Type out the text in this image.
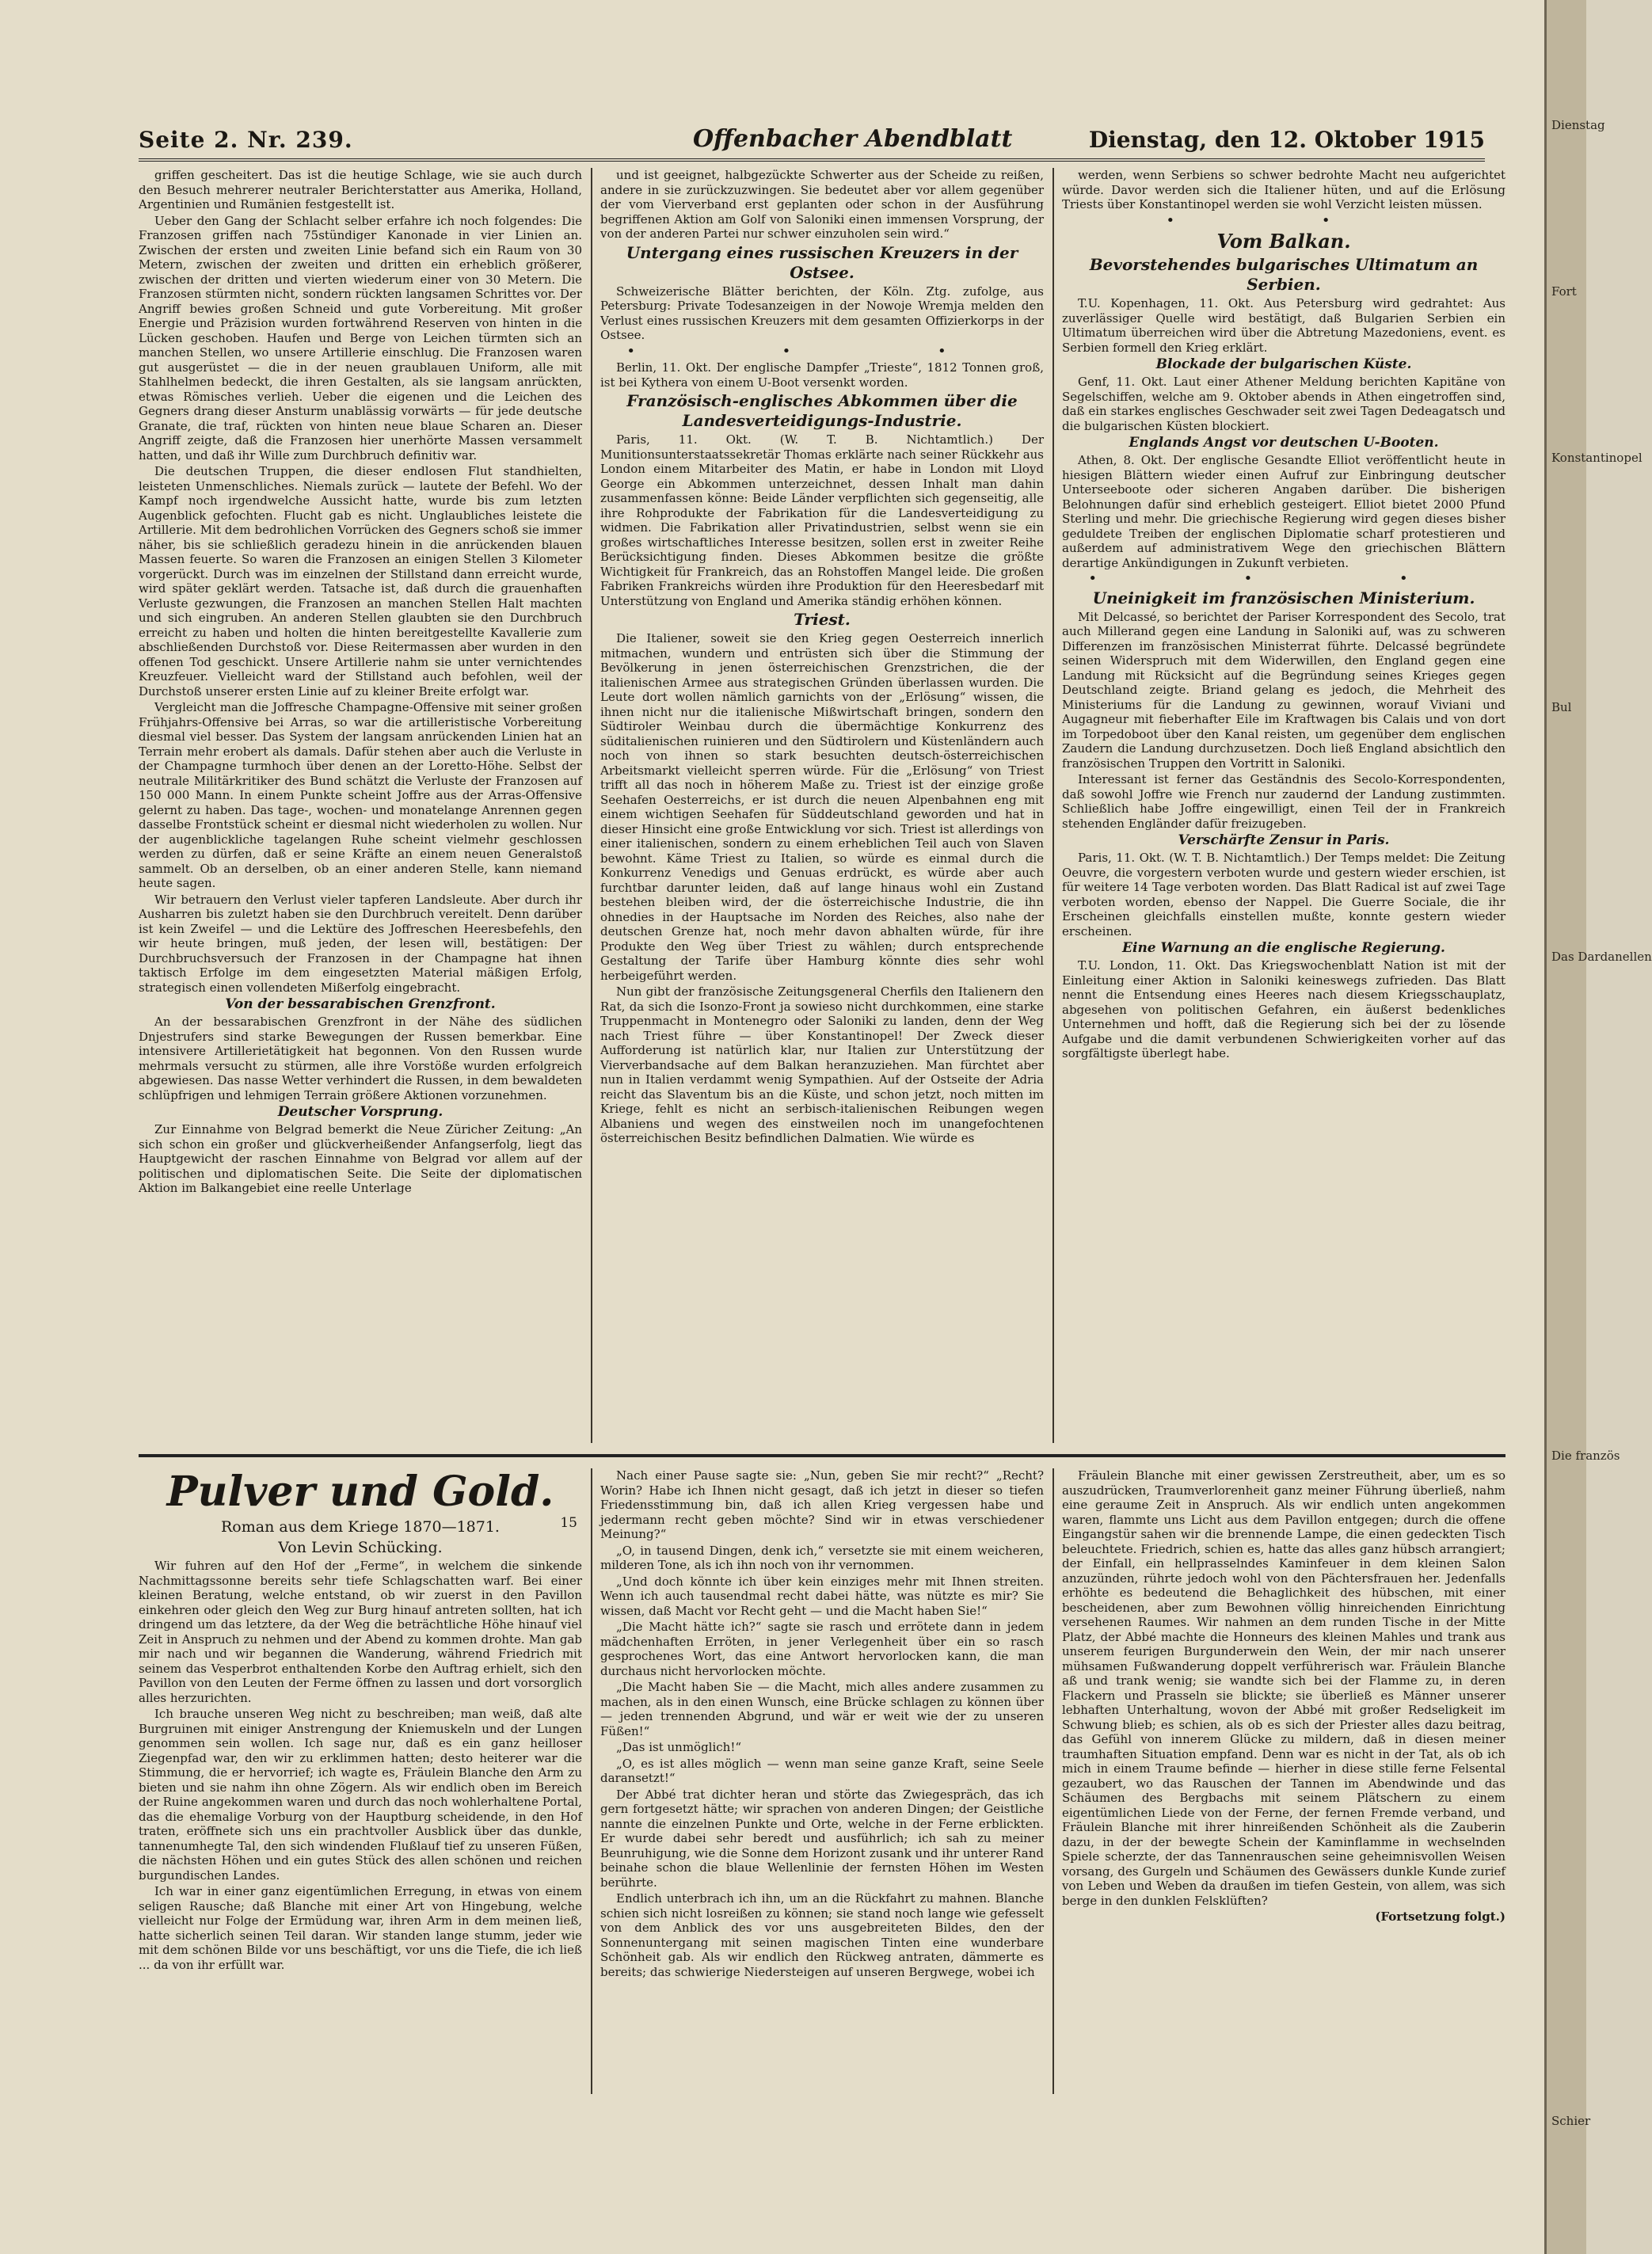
Seite 2. Nr. 239.	Offenbacher Abendblatt	Dienstag, den 12. Oktober 1915

griffen gescheitert. Das ist die heutige Schlage, wie sie auch durch den Besuch mehrerer neutraler Berichterstatter aus Amerika, Holland, Argentinien und Rumänien festgestellt ist.

Ueber den Gang der Schlacht selber erfahre ich noch folgendes: Die Franzosen griffen nach 75stündiger Kanonade in vier Linien an. Zwischen der ersten und zweiten Linie befand sich ein Raum von 30 Metern, zwischen der zweiten und dritten ein erheblich größerer, zwischen der dritten und vierten wiederum einer von 30 Metern. Die Franzosen stürmten nicht, sondern rückten langsamen Schrittes vor. Der Angriff bewies großen Schneid und gute Vorbereitung. Mit großer Energie und Präzision wurden fortwährend Reserven von hinten in die Lücken geschoben. Haufen und Berge von Leichen türmten sich an manchen Stellen, wo unsere Artillerie einschlug. Die Franzosen waren gut ausgerüstet — die in der neuen graublauen Uniform, alle mit Stahlhelmen bedeckt, die ihren Gestalten, als sie langsam anrückten, etwas Römisches verlieh. Ueber die eigenen und die Leichen des Gegners drang dieser Ansturm unablässig vorwärts — für jede deutsche Granate, die traf, rückten von hinten neue blaue Scharen an. Dieser Angriff zeigte, daß die Franzosen hier unerhörte Massen versammelt hatten, und daß ihr Wille zum Durchbruch definitiv war.

Die deutschen Truppen, die dieser endlosen Flut standhielten, leisteten Unmenschliches. Niemals zurück — lautete der Befehl. Wo der Kampf noch irgendwelche Aussicht hatte, wurde bis zum letzten Augenblick gefochten. Flucht gab es nicht. Unglaubliches leistete die Artillerie. Mit dem bedrohlichen Vorrücken des Gegners schoß sie immer näher, bis sie schließlich geradezu hinein in die anrückenden blauen Massen feuerte. So waren die Franzosen an einigen Stellen 3 Kilometer vorgerückt. Durch was im einzelnen der Stillstand dann erreicht wurde, wird später geklärt werden. Tatsache ist, daß durch die grauenhaften Verluste gezwungen, die Franzosen an manchen Stellen Halt machten und sich eingruben. An anderen Stellen glaubten sie den Durchbruch erreicht zu haben und holten die hinten bereitgestellte Kavallerie zum abschließenden Durchstoß vor. Diese Reitermassen aber wurden in den offenen Tod geschickt. Unsere Artillerie nahm sie unter vernichtendes Kreuzfeuer. Vielleicht ward der Stillstand auch befohlen, weil der Durchstoß unserer ersten Linie auf zu kleiner Breite erfolgt war.

Vergleicht man die Joffresche Champagne-Offensive mit seiner großen Frühjahrs-Offensive bei Arras, so war die artilleristische Vorbereitung diesmal viel besser. Das System der langsam anrückenden Linien hat an Terrain mehr erobert als damals. Dafür stehen aber auch die Verluste in der Champagne turmhoch über denen an der Loretto-Höhe. Selbst der neutrale Militärkritiker des Bund schätzt die Verluste der Franzosen auf 150 000 Mann. In einem Punkte scheint Joffre aus der Arras-Offensive gelernt zu haben. Das tage-, wochen- und monatelange Anrennen gegen dasselbe Frontstück scheint er diesmal nicht wiederholen zu wollen. Nur der augenblickliche tagelangen Ruhe scheint vielmehr geschlossen werden zu dürfen, daß er seine Kräfte an einem neuen Generalstoß sammelt. Ob an derselben, ob an einer anderen Stelle, kann niemand heute sagen.

Wir betrauern den Verlust vieler tapferen Landsleute. Aber durch ihr Ausharren bis zuletzt haben sie den Durchbruch vereitelt. Denn darüber ist kein Zweifel — und die Lektüre des Joffreschen Heeresbefehls, den wir heute bringen, muß jeden, der lesen will, bestätigen: Der Durchbruchsversuch der Franzosen in der Champagne hat ihnen taktisch Erfolge im dem eingesetzten Material mäßigen Erfolg, strategisch einen vollendeten Mißerfolg eingebracht.

Von der bessarabischen Grenzfront.

An der bessarabischen Grenzfront in der Nähe des südlichen Dnjestrufers sind starke Bewegungen der Russen bemerkbar. Eine intensivere Artillerietätigkeit hat begonnen. Von den Russen wurde mehrmals versucht zu stürmen, alle ihre Vorstöße wurden erfolgreich abgewiesen. Das nasse Wetter verhindert die Russen, in dem bewaldeten schlüpfrigen und lehmigen Terrain größere Aktionen vorzunehmen.

Deutscher Vorsprung.

Zur Einnahme von Belgrad bemerkt die Neue Züricher Zeitung: „An sich schon ein großer und glückverheißender Anfangserfolg, liegt das Hauptgewicht der raschen Einnahme von Belgrad vor allem auf der politischen und diplomatischen Seite. Die Seite der diplomatischen Aktion im Balkangebiet eine reelle Unterlage

und ist geeignet, halbgezückte Schwerter aus der Scheide zu reißen, andere in sie zurückzuzwingen. Sie bedeutet aber vor allem gegenüber der vom Vierverband erst geplanten oder schon in der Ausführung begriffenen Aktion am Golf von Saloniki einen immensen Vorsprung, der von der anderen Partei nur schwer einzuholen sein wird.“

Untergang eines russischen Kreuzers in der Ostsee.

Schweizerische Blätter berichten, der Köln. Ztg. zufolge, aus Petersburg: Private Todesanzeigen in der Nowoje Wremja melden den Verlust eines russischen Kreuzers mit dem gesamten Offizierkorps in der Ostsee.

• • •

Berlin, 11. Okt. Der englische Dampfer „Trieste“, 1812 Tonnen groß, ist bei Kythera von einem U-Boot versenkt worden.

Französisch-englisches Abkommen über die Landesverteidigungs-Industrie.

Paris, 11. Okt. (W. T. B. Nichtamtlich.) Der Munitionsunterstaatssekretär Thomas erklärte nach seiner Rückkehr aus London einem Mitarbeiter des Matin, er habe in London mit Lloyd George ein Abkommen unterzeichnet, dessen Inhalt man dahin zusammenfassen könne: Beide Länder verpflichten sich gegenseitig, alle ihre Rohprodukte der Fabrikation für die Landesverteidigung zu widmen. Die Fabrikation aller Privatindustrien, selbst wenn sie ein großes wirtschaftliches Interesse besitzen, sollen erst in zweiter Reihe Berücksichtigung finden. Dieses Abkommen besitze die größte Wichtigkeit für Frankreich, das an Rohstoffen Mangel leide. Die großen Fabriken Frankreichs würden ihre Produktion für den Heeresbedarf mit Unterstützung von England und Amerika ständig erhöhen können.

Triest.

Die Italiener, soweit sie den Krieg gegen Oesterreich innerlich mitmachen, wundern und entrüsten sich über die Stimmung der Bevölkerung in jenen österreichischen Grenzstrichen, die der italienischen Armee aus strategischen Gründen überlassen wurden. Die Leute dort wollen nämlich garnichts von der „Erlösung“ wissen, die ihnen nicht nur die italienische Mißwirtschaft bringen, sondern den Südtiroler Weinbau durch die übermächtige Konkurrenz des süditalienischen ruinieren und den Südtirolern und Küstenländern auch noch von ihnen so stark besuchten deutsch-österreichischen Arbeitsmarkt vielleicht sperren würde. Für die „Erlösung“ von Triest trifft all das noch in höherem Maße zu. Triest ist der einzige große Seehafen Oesterreichs, er ist durch die neuen Alpenbahnen eng mit einem wichtigen Seehafen für Süddeutschland geworden und hat in dieser Hinsicht eine große Entwicklung vor sich. Triest ist allerdings von einer italienischen, sondern zu einem erheblichen Teil auch von Slaven bewohnt. Käme Triest zu Italien, so würde es einmal durch die Konkurrenz Venedigs und Genuas erdrückt, es würde aber auch furchtbar darunter leiden, daß auf lange hinaus wohl ein Zustand bestehen bleiben wird, der die österreichische Industrie, die ihn ohnedies in der Hauptsache im Norden des Reiches, also nahe der deutschen Grenze hat, noch mehr davon abhalten würde, für ihre Produkte den Weg über Triest zu wählen; durch entsprechende Gestaltung der Tarife über Hamburg könnte dies sehr wohl herbeigeführt werden.

Nun gibt der französische Zeitungsgeneral Cherfils den Italienern den Rat, da sich die Isonzo-Front ja sowieso nicht durchkommen, eine starke Truppenmacht in Montenegro oder Saloniki zu landen, denn der Weg nach Triest führe — über Konstantinopel! Der Zweck dieser Aufforderung ist natürlich klar, nur Italien zur Unterstützung der Vierverbandsache auf dem Balkan heranzuziehen. Man fürchtet aber nun in Italien verdammt wenig Sympathien. Auf der Ostseite der Adria reicht das Slaventum bis an die Küste, und schon jetzt, noch mitten im Kriege, fehlt es nicht an serbisch-italienischen Reibungen wegen Albaniens und wegen des einstweilen noch im unangefochtenen österreichischen Besitz befindlichen Dalmatien. Wie würde es

werden, wenn Serbiens so schwer bedrohte Macht neu aufgerichtet würde. Davor werden sich die Italiener hüten, und auf die Erlösung Triests über Konstantinopel werden sie wohl Verzicht leisten müssen.

• •

Vom Balkan.

Bevorstehendes bulgarisches Ultimatum an Serbien.

T.U. Kopenhagen, 11. Okt. Aus Petersburg wird gedrahtet: Aus zuverlässiger Quelle wird bestätigt, daß Bulgarien Serbien ein Ultimatum überreichen wird über die Abtretung Mazedoniens, event. es Serbien formell den Krieg erklärt.

Blockade der bulgarischen Küste.

Genf, 11. Okt. Laut einer Athener Meldung berichten Kapitäne von Segelschiffen, welche am 9. Oktober abends in Athen eingetroffen sind, daß ein starkes englisches Geschwader seit zwei Tagen Dedeagatsch und die bulgarischen Küsten blockiert.

Englands Angst vor deutschen U-Booten.

Athen, 8. Okt. Der englische Gesandte Elliot veröffentlicht heute in hiesigen Blättern wieder einen Aufruf zur Einbringung deutscher Unterseeboote oder sicheren Angaben darüber. Die bisherigen Belohnungen dafür sind erheblich gesteigert. Elliot bietet 2000 Pfund Sterling und mehr. Die griechische Regierung wird gegen dieses bisher geduldete Treiben der englischen Diplomatie scharf protestieren und außerdem auf administrativem Wege den griechischen Blättern derartige Ankündigungen in Zukunft verbieten.

• • •

Uneinigkeit im französischen Ministerium.

Mit Delcassé, so berichtet der Pariser Korrespondent des Secolo, trat auch Millerand gegen eine Landung in Saloniki auf, was zu schweren Differenzen im französischen Ministerrat führte. Delcassé begründete seinen Widerspruch mit dem Widerwillen, den England gegen eine Landung mit Rücksicht auf die Begründung seines Krieges gegen Deutschland zeigte. Briand gelang es jedoch, die Mehrheit des Ministeriums für die Landung zu gewinnen, worauf Viviani und Augagneur mit fieberhafter Eile im Kraftwagen bis Calais und von dort im Torpedoboot über den Kanal reisten, um gegenüber dem englischen Zaudern die Landung durchzusetzen. Doch ließ England absichtlich den französischen Truppen den Vortritt in Saloniki.

Interessant ist ferner das Geständnis des Secolo-Korrespondenten, daß sowohl Joffre wie French nur zaudernd der Landung zustimmten. Schließlich habe Joffre eingewilligt, einen Teil der in Frankreich stehenden Engländer dafür freizugeben.

Verschärfte Zensur in Paris.

Paris, 11. Okt. (W. T. B. Nichtamtlich.) Der Temps meldet: Die Zeitung Oeuvre, die vorgestern verboten wurde und gestern wieder erschien, ist für weitere 14 Tage verboten worden. Das Blatt Radical ist auf zwei Tage verboten worden, ebenso der Nappel. Die Guerre Sociale, die ihr Erscheinen gleichfalls einstellen mußte, konnte gestern wieder erscheinen.

Eine Warnung an die englische Regierung.

T.U. London, 11. Okt. Das Kriegswochenblatt Nation ist mit der Einleitung einer Aktion in Saloniki keineswegs zufrieden. Das Blatt nennt die Entsendung eines Heeres nach diesem Kriegsschauplatz, abgesehen von politischen Gefahren, ein äußerst bedenkliches Unternehmen und hofft, daß die Regierung sich bei der zu lösende Aufgabe und die damit verbundenen Schwierigkeiten vorher auf das sorgfältigste überlegt habe.

15

Pulver und Gold.

Roman aus dem Kriege 1870—1871.

Von Levin Schücking.

Wir fuhren auf den Hof der „Ferme“, in welchem die sinkende Nachmittagssonne bereits sehr tiefe Schlagschatten warf. Bei einer kleinen Beratung, welche entstand, ob wir zuerst in den Pavillon einkehren oder gleich den Weg zur Burg hinauf antreten sollten, hat ich dringend um das letztere, da der Weg die beträchtliche Höhe hinauf viel Zeit in Anspruch zu nehmen und der Abend zu kommen drohte. Man gab mir nach und wir begannen die Wanderung, während Friedrich mit seinem das Vesperbrot enthaltenden Korbe den Auftrag erhielt, sich den Pavillon von den Leuten der Ferme öffnen zu lassen und dort vorsorglich alles herzurichten.

Ich brauche unseren Weg nicht zu beschreiben; man weiß, daß alte Burgruinen mit einiger Anstrengung der Kniemuskeln und der Lungen genommen sein wollen. Ich sage nur, daß es ein ganz heilloser Ziegenpfad war, den wir zu erklimmen hatten; desto heiterer war die Stimmung, die er hervorrief; ich wagte es, Fräulein Blanche den Arm zu bieten und sie nahm ihn ohne Zögern. Als wir endlich oben im Bereich der Ruine angekommen waren und durch das noch wohlerhaltene Portal, das die ehemalige Vorburg von der Hauptburg scheidende, in den Hof traten, eröffnete sich uns ein prachtvoller Ausblick über das dunkle, tannenumhegte Tal, den sich windenden Flußlauf tief zu unseren Füßen, die nächsten Höhen und ein gutes Stück des allen schönen und reichen burgundischen Landes.

Ich war in einer ganz eigentümlichen Erregung, in etwas von einem seligen Rausche; daß Blanche mit einer Art von Hingebung, welche vielleicht nur Folge der Ermüdung war, ihren Arm in dem meinen ließ, hatte sicherlich seinen Teil daran. Wir standen lange stumm, jeder wie mit dem schönen Bilde vor uns beschäftigt, vor uns die Tiefe, die ich ließ ... da von ihr erfüllt war.

Nach einer Pause sagte sie: „Nun, geben Sie mir recht?“ „Recht? Worin? Habe ich Ihnen nicht gesagt, daß ich jetzt in dieser so tiefen Friedensstimmung bin, daß ich allen Krieg vergessen habe und jedermann recht geben möchte? Sind wir in etwas verschiedener Meinung?“

„O, in tausend Dingen, denk ich,“ versetzte sie mit einem weicheren, milderen Tone, als ich ihn noch von ihr vernommen.

„Und doch könnte ich über kein einziges mehr mit Ihnen streiten. Wenn ich auch tausendmal recht dabei hätte, was nützte es mir? Sie wissen, daß Macht vor Recht geht — und die Macht haben Sie!“

„Die Macht hätte ich?“ sagte sie rasch und errötete dann in jedem mädchenhaften Erröten, in jener Verlegenheit über ein so rasch gesprochenes Wort, das eine Antwort hervorlocken kann, die man durchaus nicht hervorlocken möchte.

„Die Macht haben Sie — die Macht, mich alles andere zusammen zu machen, als in den einen Wunsch, eine Brücke schlagen zu können über — jeden trennenden Abgrund, und wär er weit wie der zu unseren Füßen!“

„Das ist unmöglich!“

„O, es ist alles möglich — wenn man seine ganze Kraft, seine Seele daransetzt!“

Der Abbé trat dichter heran und störte das Zwiegespräch, das ich gern fortgesetzt hätte; wir sprachen von anderen Dingen; der Geistliche nannte die einzelnen Punkte und Orte, welche in der Ferne erblickten. Er wurde dabei sehr beredt und ausführlich; ich sah zu meiner Beunruhigung, wie die Sonne dem Horizont zusank und ihr unterer Rand beinahe schon die blaue Wellenlinie der fernsten Höhen im Westen berührte.

Endlich unterbrach ich ihn, um an die Rückfahrt zu mahnen. Blanche schien sich nicht losreißen zu können; sie stand noch lange wie gefesselt von dem Anblick des vor uns ausgebreiteten Bildes, den der Sonnenuntergang mit seinen magischen Tinten eine wunderbare Schönheit gab. Als wir endlich den Rückweg antraten, dämmerte es bereits; das schwierige Niedersteigen auf unseren Bergwege, wobei ich

Fräulein Blanche mit einer gewissen Zerstreutheit, aber, um es so auszudrücken, Traumverlorenheit ganz meiner Führung überließ, nahm eine geraume Zeit in Anspruch. Als wir endlich unten angekommen waren, flammte uns Licht aus dem Pavillon entgegen; durch die offene Eingangstür sahen wir die brennende Lampe, die einen gedeckten Tisch beleuchtete. Friedrich, schien es, hatte das alles ganz hübsch arrangiert; der Einfall, ein hellprasselndes Kaminfeuer in dem kleinen Salon anzuzünden, rührte jedoch wohl von den Pächtersfrauen her. Jedenfalls erhöhte es bedeutend die Behaglichkeit des hübschen, mit einer bescheidenen, aber zum Bewohnen völlig hinreichenden Einrichtung versehenen Raumes. Wir nahmen an dem runden Tische in der Mitte Platz, der Abbé machte die Honneurs des kleinen Mahles und trank aus unserem feurigen Burgunderwein den Wein, der mir nach unserer mühsamen Fußwanderung doppelt verführerisch war. Fräulein Blanche aß und trank wenig; sie wandte sich bei der Flamme zu, in deren Flackern und Prasseln sie blickte; sie überließ es Männer unserer lebhaften Unterhaltung, wovon der Abbé mit großer Redseligkeit im Schwung blieb; es schien, als ob es sich der Priester alles dazu beitrag, das Gefühl von innerem Glücke zu mildern, daß in diesen meiner traumhaften Situation empfand. Denn war es nicht in der Tat, als ob ich mich in einem Traume befinde — hierher in diese stille ferne Felsental gezaubert, wo das Rauschen der Tannen im Abendwinde und das Schäumen des Bergbachs mit seinem Plätschern zu einem eigentümlichen Liede von der Ferne, der fernen Fremde verband, und Fräulein Blanche mit ihrer hinreißenden Schönheit als die Zauberin dazu, in der der bewegte Schein der Kaminflamme in wechselnden Spiele scherzte, der das Tannenrauschen seine geheimnisvollen Weisen vorsang, des Gurgeln und Schäumen des Gewässers dunkle Kunde zurief von Leben und Weben da draußen im tiefen Gestein, von allem, was sich berge in den dunklen Felsklüften?

(Fortsetzung folgt.)

Dienstag
Fort
Konstantinopel
Bul
Das Dardanellen
Die französ
Schier
